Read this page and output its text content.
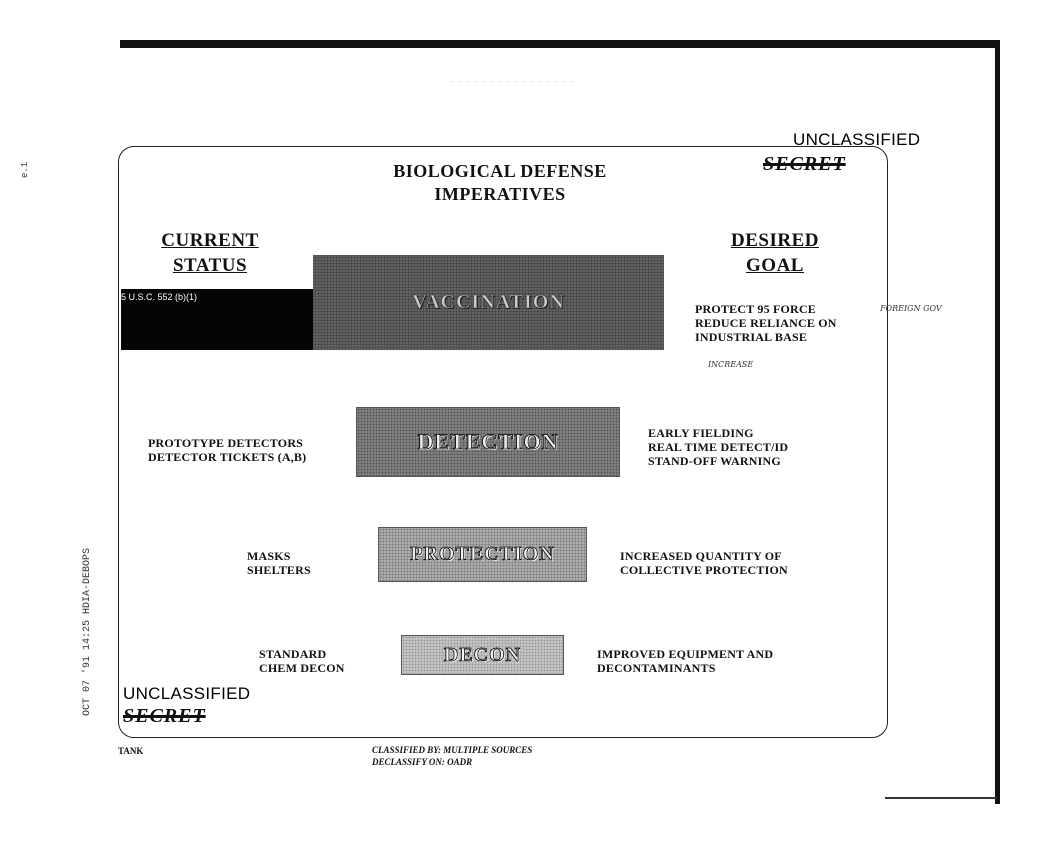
· · · · · · · · · · · · · · · ·
e.1
OCT 07 '91 14:25 HDIA-DEBOPS
UNCLASSIFIED
SECRET
BIOLOGICAL DEFENSE
IMPERATIVES
CURRENT
STATUS
DESIRED
GOAL
5 U.S.C. 552 (b)(1)	VACCINATION	PROTECT 95 FORCE
REDUCE RELIANCE ON
INDUSTRIAL BASE
FOREIGN GOV
INCREASE
PROTOTYPE DETECTORS
DETECTOR TICKETS (A,B)
DETECTION	EARLY FIELDING
REAL TIME DETECT/ID
STAND-OFF WARNING
MASKS
SHELTERS
PROTECTION	INCREASED QUANTITY OF
COLLECTIVE PROTECTION
STANDARD
CHEM DECON
DECON	IMPROVED EQUIPMENT AND
DECONTAMINANTS
UNCLASSIFIED
SECRET
TANK	CLASSIFIED BY: MULTIPLE SOURCES
DECLASSIFY ON: OADR
